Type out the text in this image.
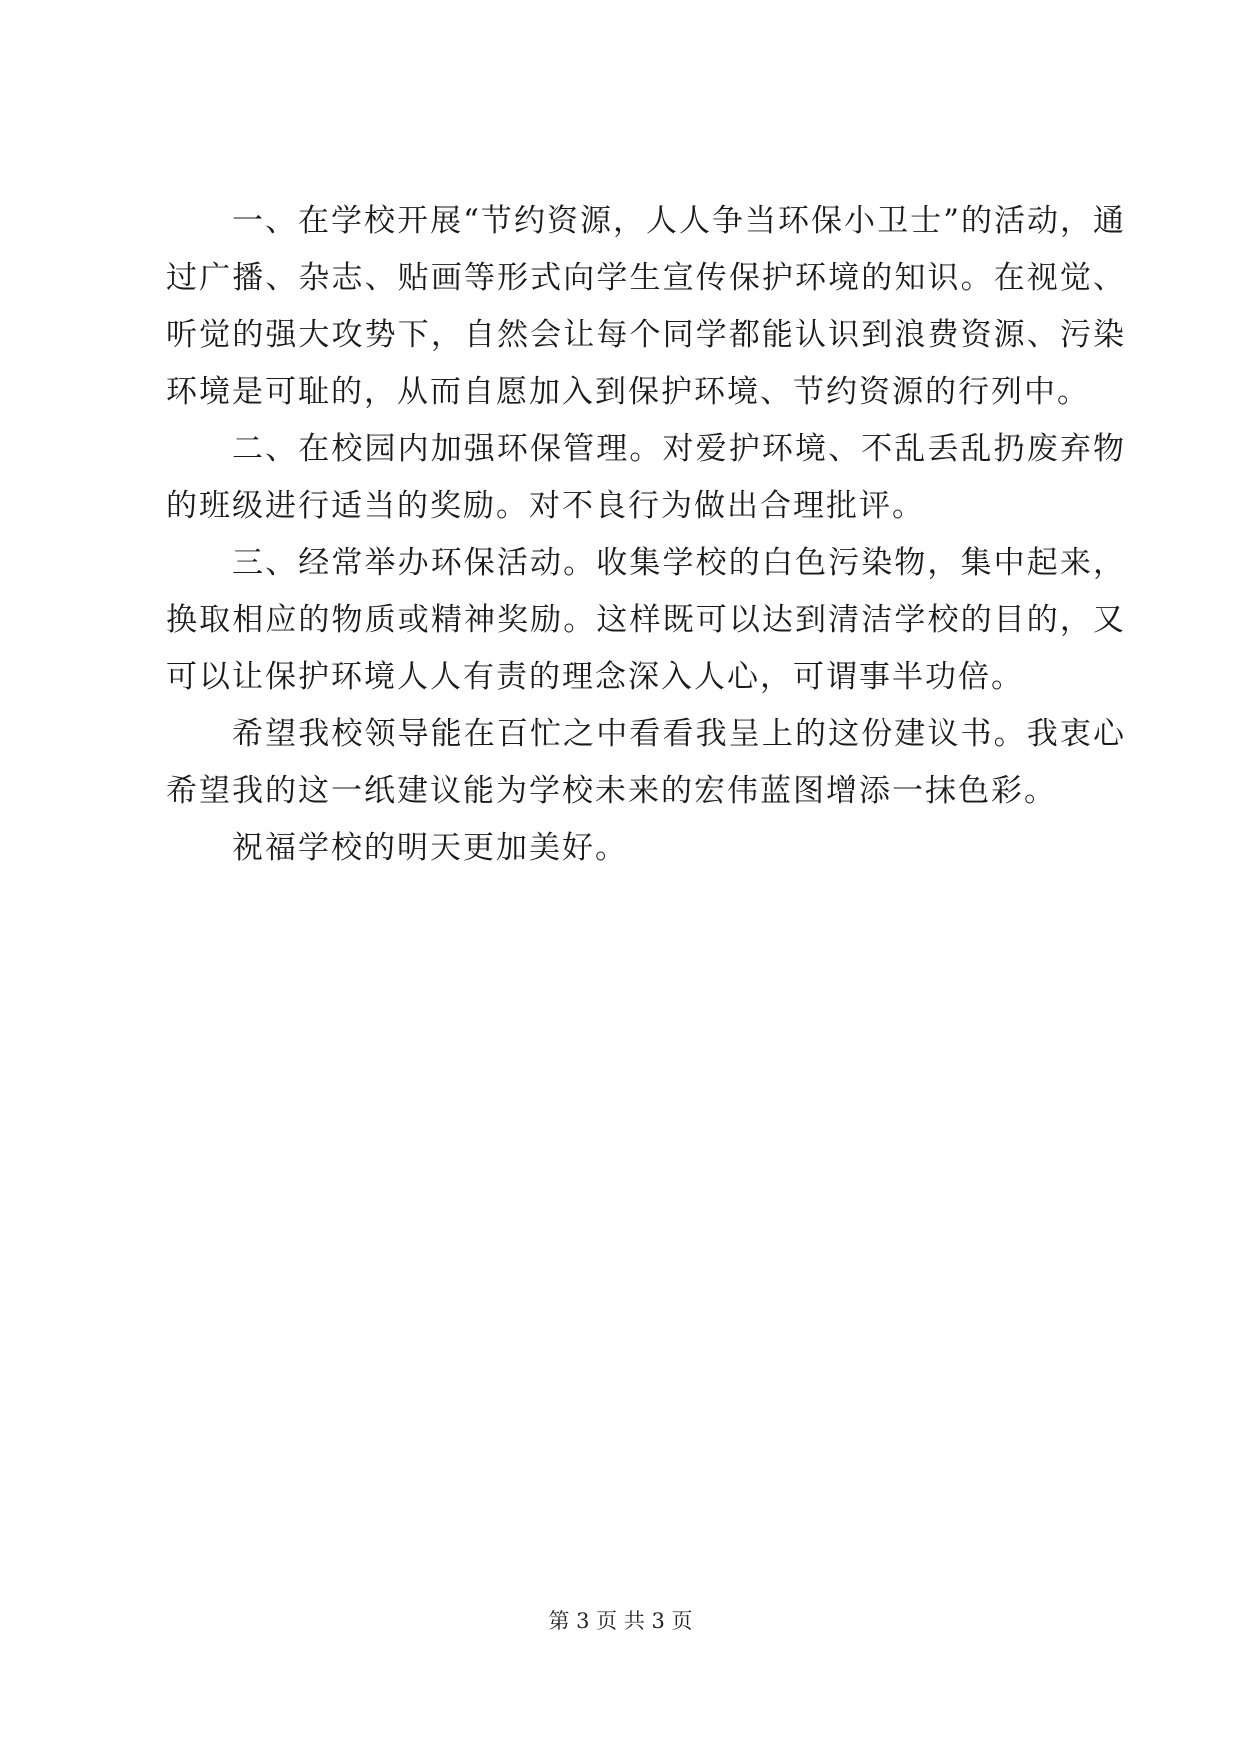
一、在学校开展“节约资源，人人争当环保小卫士”的活动，通过广播、杂志、贴画等形式向学生宣传保护环境的知识。在视觉、听觉的强大攻势下，自然会让每个同学都能认识到浪费资源、污染环境是可耻的，从而自愿加入到保护环境、节约资源的行列中。

二、在校园内加强环保管理。对爱护环境、不乱丢乱扔废弃物的班级进行适当的奖励。对不良行为做出合理批评。

三、经常举办环保活动。收集学校的白色污染物，集中起来，换取相应的物质或精神奖励。这样既可以达到清洁学校的目的，又可以让保护环境人人有责的理念深入人心，可谓事半功倍。

希望我校领导能在百忙之中看看我呈上的这份建议书。我衷心希望我的这一纸建议能为学校未来的宏伟蓝图增添一抹色彩。

祝福学校的明天更加美好。

第 3 页 共 3 页
